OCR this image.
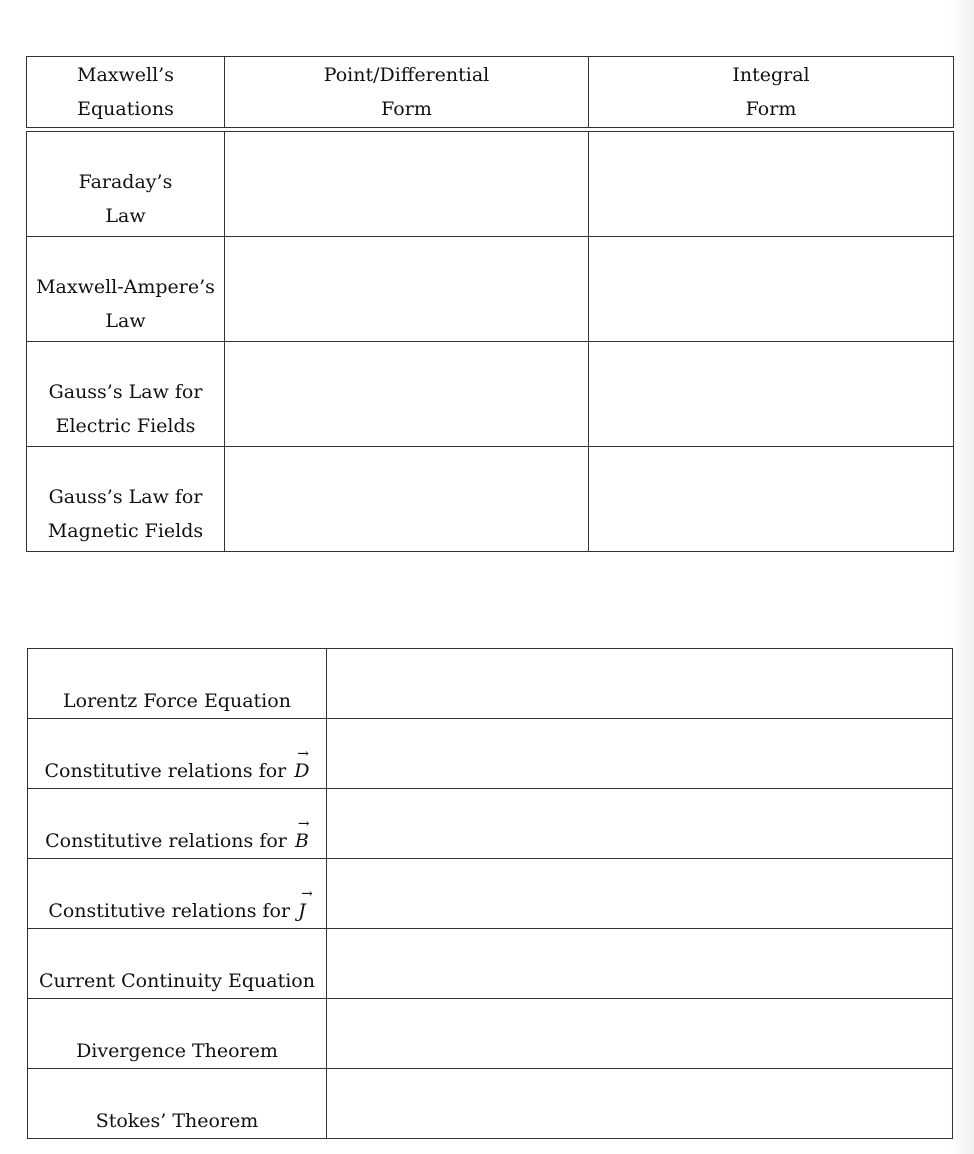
Maxwell’s
Equations
Point/Differential
Form
Integral
Form
Faraday’s
Law
Maxwell-Ampere’s
Law
Gauss’s Law for
Electric Fields
Gauss’s Law for
Magnetic Fields
Lorentz Force Equation
Constitutive relations for → D
Constitutive relations for → B
Constitutive relations for → J
Current Continuity Equation
Divergence Theorem
Stokes’ Theorem
